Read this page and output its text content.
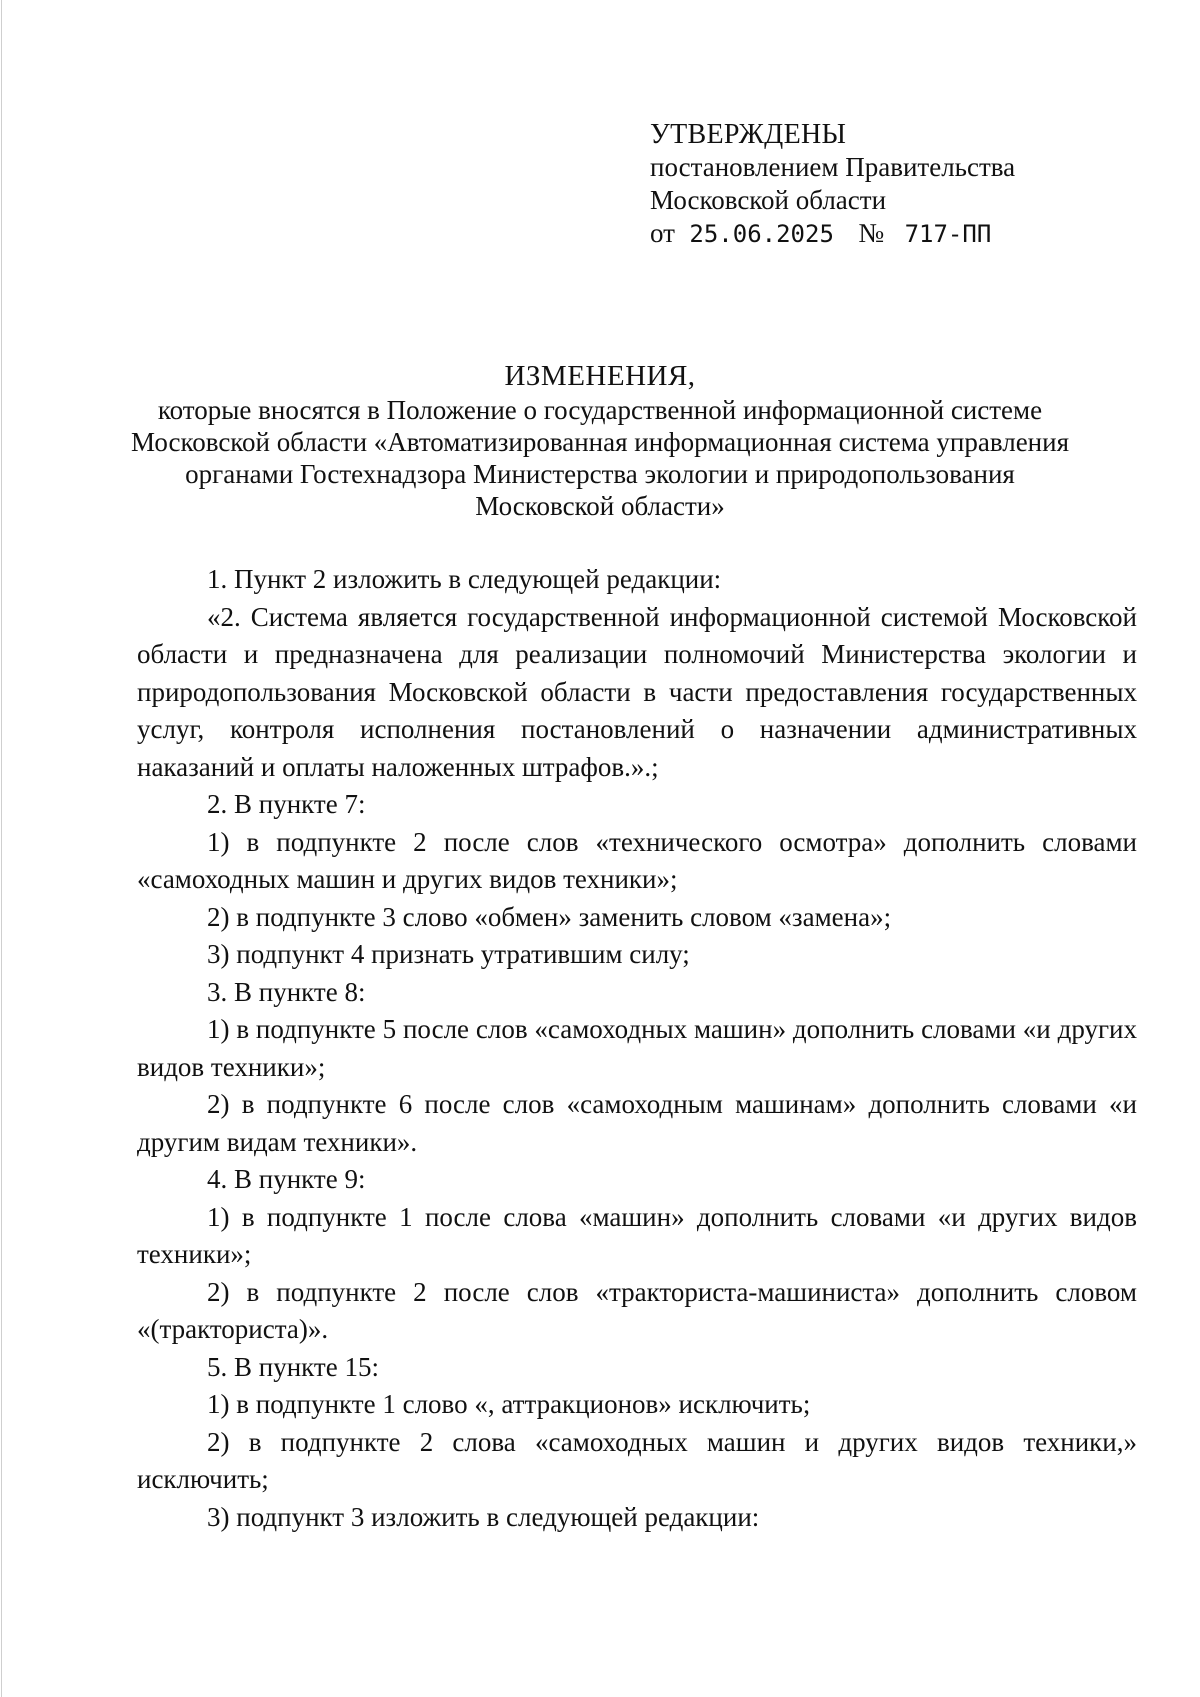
УТВЕРЖДЕНЫ
постановлением Правительства
Московской области
от 25.06.2025 № 717-ПП
ИЗМЕНЕНИЯ,
которые вносятся в Положение о государственной информационной системе
Московской области «Автоматизированная информационная система управления
органами Гостехнадзора Министерства экологии и природопользования
Московской области»

1. Пункт 2 изложить в следующей редакции:

«2. Система является государственной информационной системой Московской области и предназначена для реализации полномочий Министерства экологии и природопользования Московской области в части предоставления государственных услуг, контроля исполнения постановлений о назначении административных наказаний и оплаты наложенных штрафов.».;

2. В пункте 7:

1) в подпункте 2 после слов «технического осмотра» дополнить словами «самоходных машин и других видов техники»;

2) в подпункте 3 слово «обмен» заменить словом «замена»;

3) подпункт 4 признать утратившим силу;

3. В пункте 8:

1) в подпункте 5 после слов «самоходных машин» дополнить словами «и других видов техники»;

2) в подпункте 6 после слов «самоходным машинам» дополнить словами «и другим видам техники».

4. В пункте 9:

1) в подпункте 1 после слова «машин» дополнить словами «и других видов техники»;

2) в подпункте 2 после слов «тракториста-машиниста» дополнить словом «(тракториста)».

5. В пункте 15:

1) в подпункте 1 слово «, аттракционов» исключить;

2) в подпункте 2 слова «самоходных машин и других видов техники,» исключить;

3) подпункт 3 изложить в следующей редакции:
